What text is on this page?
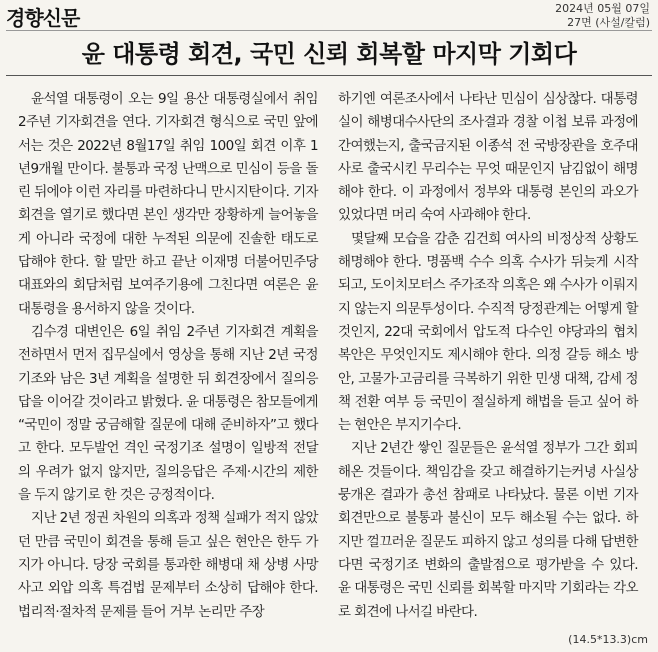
경향신문	2024년 05월 07일
27면 (사설/칼럼)
윤 대통령 회견, 국민 신뢰 회복할 마지막 기회다

윤석열 대통령이 오는 9일 용산 대통령실에서 취임 2주년 기자회견을 연다. 기자회견 형식으로 국민 앞에 서는 것은 2022년 8월17일 취임 100일 회견 이후 1년9개월 만이다. 불통과 국정 난맥으로 민심이 등을 돌린 뒤에야 이런 자리를 마련하다니 만시지탄이다. 기자회견을 열기로 했다면 본인 생각만 장황하게 늘어놓을 게 아니라 국정에 대한 누적된 의문에 진솔한 태도로 답해야 한다. 할 말만 하고 끝난 이재명 더불어민주당 대표와의 회담처럼 보여주기용에 그친다면 여론은 윤 대통령을 용서하지 않을 것이다.

김수경 대변인은 6일 취임 2주년 기자회견 계획을 전하면서 먼저 집무실에서 영상을 통해 지난 2년 국정 기조와 남은 3년 계획을 설명한 뒤 회견장에서 질의응답을 이어갈 것이라고 밝혔다. 윤 대통령은 참모들에게 “국민이 정말 궁금해할 질문에 대해 준비하자”고 했다고 한다. 모두발언 격인 국정기조 설명이 일방적 전달의 우려가 없지 않지만, 질의응답은 주제·시간의 제한을 두지 않기로 한 것은 긍정적이다.

지난 2년 정권 차원의 의혹과 정책 실패가 적지 않았던 만큼 국민이 회견을 통해 듣고 싶은 현안은 한두 가지가 아니다. 당장 국회를 통과한 해병대 채 상병 사망사고 외압 의혹 특검법 문제부터 소상히 답해야 한다. 법리적·절차적 문제를 들어 거부 논리만 주장

하기엔 여론조사에서 나타난 민심이 심상찮다. 대통령실이 해병대수사단의 조사결과 경찰 이첩 보류 과정에 간여했는지, 출국금지된 이종석 전 국방장관을 호주대사로 출국시킨 무리수는 무엇 때문인지 남김없이 해명해야 한다. 이 과정에서 정부와 대통령 본인의 과오가 있었다면 머리 숙여 사과해야 한다.

몇달째 모습을 감춘 김건희 여사의 비정상적 상황도 해명해야 한다. 명품백 수수 의혹 수사가 뒤늦게 시작되고, 도이치모터스 주가조작 의혹은 왜 수사가 이뤄지지 않는지 의문투성이다. 수직적 당정관계는 어떻게 할 것인지, 22대 국회에서 압도적 다수인 야당과의 협치 복안은 무엇인지도 제시해야 한다. 의정 갈등 해소 방안, 고물가·고금리를 극복하기 위한 민생 대책, 감세 정책 전환 여부 등 국민이 절실하게 해법을 듣고 싶어 하는 현안은 부지기수다.

지난 2년간 쌓인 질문들은 윤석열 정부가 그간 회피해온 것들이다. 책임감을 갖고 해결하기는커녕 사실상 뭉개온 결과가 총선 참패로 나타났다. 물론 이번 기자회견만으로 불통과 불신이 모두 해소될 수는 없다. 하지만 껄끄러운 질문도 피하지 않고 성의를 다해 답변한다면 국정기조 변화의 출발점으로 평가받을 수 있다. 윤 대통령은 국민 신뢰를 회복할 마지막 기회라는 각오로 회견에 나서길 바란다.

(14.5*13.3)cm
